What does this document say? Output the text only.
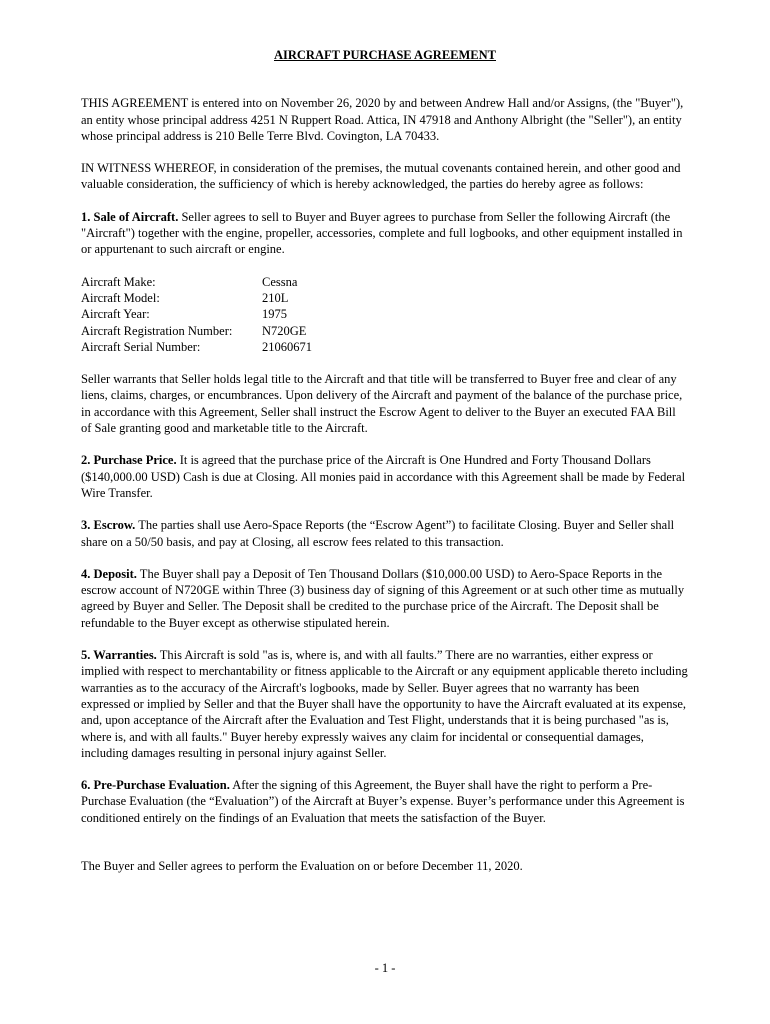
AIRCRAFT PURCHASE AGREEMENT

THIS AGREEMENT is entered into on November 26, 2020 by and between Andrew Hall and/or Assigns, (the "Buyer"), an entity whose principal address 4251 N Ruppert Road. Attica, IN 47918 and Anthony Albright (the "Seller"), an entity whose principal address is 210 Belle Terre Blvd. Covington, LA 70433.

IN WITNESS WHEREOF, in consideration of the premises, the mutual covenants contained herein, and other good and valuable consideration, the sufficiency of which is hereby acknowledged, the parties do hereby agree as follows:

1. Sale of Aircraft. Seller agrees to sell to Buyer and Buyer agrees to purchase from Seller the following Aircraft (the "Aircraft") together with the engine, propeller, accessories, complete and full logbooks, and other equipment installed in or appurtenant to such aircraft or engine.

Aircraft Make:	Cessna
Aircraft Model:	210L
Aircraft Year:	1975
Aircraft Registration Number:	N720GE
Aircraft Serial Number:	21060671

Seller warrants that Seller holds legal title to the Aircraft and that title will be transferred to Buyer free and clear of any liens, claims, charges, or encumbrances. Upon delivery of the Aircraft and payment of the balance of the purchase price, in accordance with this Agreement, Seller shall instruct the Escrow Agent to deliver to the Buyer an executed FAA Bill of Sale granting good and marketable title to the Aircraft.

2. Purchase Price. It is agreed that the purchase price of the Aircraft is One Hundred and Forty Thousand Dollars ($140,000.00 USD) Cash is due at Closing. All monies paid in accordance with this Agreement shall be made by Federal Wire Transfer.

3. Escrow. The parties shall use Aero-Space Reports (the “Escrow Agent”) to facilitate Closing. Buyer and Seller shall share on a 50/50 basis, and pay at Closing, all escrow fees related to this transaction.

4. Deposit. The Buyer shall pay a Deposit of Ten Thousand Dollars ($10,000.00 USD) to Aero-Space Reports in the escrow account of N720GE within Three (3) business day of signing of this Agreement or at such other time as mutually agreed by Buyer and Seller. The Deposit shall be credited to the purchase price of the Aircraft. The Deposit shall be refundable to the Buyer except as otherwise stipulated herein.

5. Warranties. This Aircraft is sold "as is, where is, and with all faults.” There are no warranties, either express or implied with respect to merchantability or fitness applicable to the Aircraft or any equipment applicable thereto including warranties as to the accuracy of the Aircraft's logbooks, made by Seller. Buyer agrees that no warranty has been expressed or implied by Seller and that the Buyer shall have the opportunity to have the Aircraft evaluated at its expense, and, upon acceptance of the Aircraft after the Evaluation and Test Flight, understands that it is being purchased "as is, where is, and with all faults." Buyer hereby expressly waives any claim for incidental or consequential damages, including damages resulting in personal injury against Seller.

6. Pre-Purchase Evaluation. After the signing of this Agreement, the Buyer shall have the right to perform a Pre-Purchase Evaluation (the “Evaluation”) of the Aircraft at Buyer’s expense. Buyer’s performance under this Agreement is conditioned entirely on the findings of an Evaluation that meets the satisfaction of the Buyer.

The Buyer and Seller agrees to perform the Evaluation on or before December 11, 2020.

- 1 -
